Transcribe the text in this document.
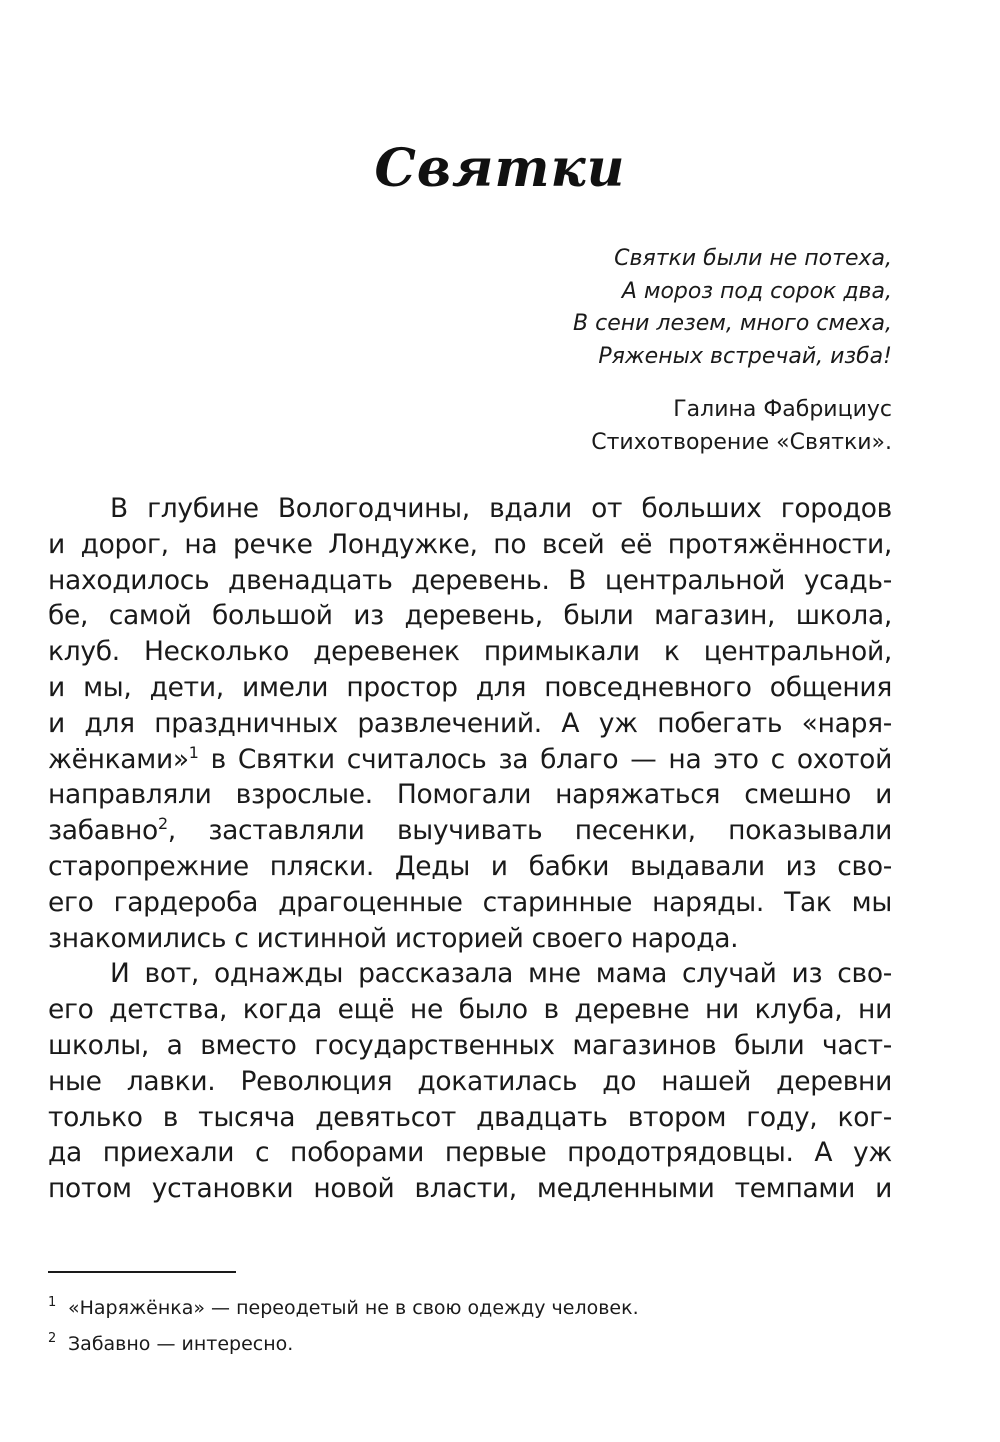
Святки
Святки были не потеха,
А мороз под сорок два,
В сени лезем, много смеха,
Ряженых встречай, изба!
Галина Фабрициус
Стихотворение «Святки».
В глубине Вологодчины, вдали от больших городов
и дорог, на речке Лондужке, по всей её протяжённости,
находилось двенадцать деревень. В центральной усадь-
бе, самой большой из деревень, были магазин, школа,
клуб. Несколько деревенек примыкали к центральной,
и мы, дети, имели простор для повседневного общения
и для праздничных развлечений. А уж побегать «наря-
жёнками»$^1$ в Святки считалось за благо — на это с охотой
направляли взрослые. Помогали наряжаться смешно и
забавно$^2$, заставляли выучивать песенки, показывали
старопрежние пляски. Деды и бабки выдавали из сво-
его гардероба драгоценные старинные наряды. Так мы
знакомились с истинной историей своего народа.
И вот, однажды рассказала мне мама случай из сво-
его детства, когда ещё не было в деревне ни клуба, ни
школы, а вместо государственных магазинов были част-
ные лавки. Революция докатилась до нашей деревни
только в тысяча девятьсот двадцать втором году, ког-
да приехали с поборами первые продотрядовцы. А уж
потом установки новой власти, медленными темпами и
1 «Наряжёнка» — переодетый не в свою одежду человек.
2 Забавно — интересно.
